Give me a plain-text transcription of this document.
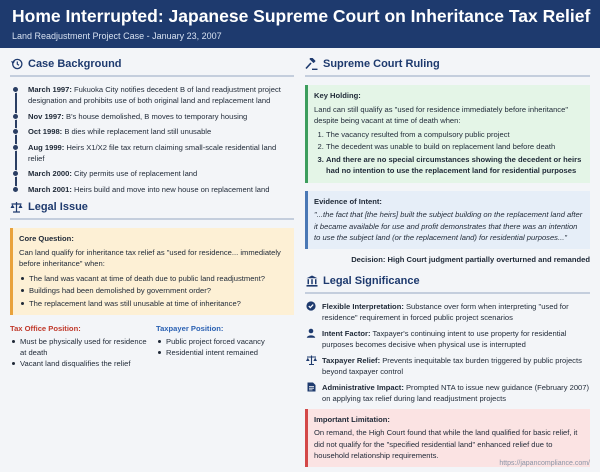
Home Interrupted: Japanese Supreme Court on Inheritance Tax Relief
Land Readjustment Project Case - January 23, 2007
Case Background
March 1997: Fukuoka City notifies decedent B of land readjustment project designation and prohibits use of both original land and replacement land
Nov 1997: B's house demolished, B moves to temporary housing
Oct 1998: B dies while replacement land still unusable
Aug 1999: Heirs X1/X2 file tax return claiming small-scale residential land relief
March 2000: City permits use of replacement land
March 2001: Heirs build and move into new house on replacement land
Legal Issue
Core Question:
Can land qualify for inheritance tax relief as "used for residence... immediately before inheritance" when:
The land was vacant at time of death due to public land readjustment?
Buildings had been demolished by government order?
The replacement land was still unusable at time of inheritance?
Tax Office Position:
Must be physically used for residence at death
Vacant land disqualifies the relief
Taxpayer Position:
Public project forced vacancy
Residential intent remained
Supreme Court Ruling
Key Holding:
Land can still qualify as "used for residence immediately before inheritance" despite being vacant at time of death when:
1. The vacancy resulted from a compulsory public project
2. The decedent was unable to build on replacement land before death
3. And there are no special circumstances showing the decedent or heirs had no intention to use the replacement land for residential purposes
Evidence of Intent:
"...the fact that [the heirs] built the subject building on the replacement land after it became available for use and profit demonstrates that there was an intention to use the subject land (or the replacement land) for residential purposes..."
Decision: High Court judgment partially overturned and remanded
Legal Significance
Flexible Interpretation: Substance over form when interpreting "used for residence" requirement in forced public project scenarios
Intent Factor: Taxpayer's continuing intent to use property for residential purposes becomes decisive when physical use is interrupted
Taxpayer Relief: Prevents inequitable tax burden triggered by public projects beyond taxpayer control
Administrative Impact: Prompted NTA to issue new guidance (February 2007) on applying tax relief during land readjustment projects
Important Limitation:
On remand, the High Court found that while the land qualified for basic relief, it did not qualify for the "specified residential land" enhanced relief due to household relationship requirements.
https://japancompliance.com/
